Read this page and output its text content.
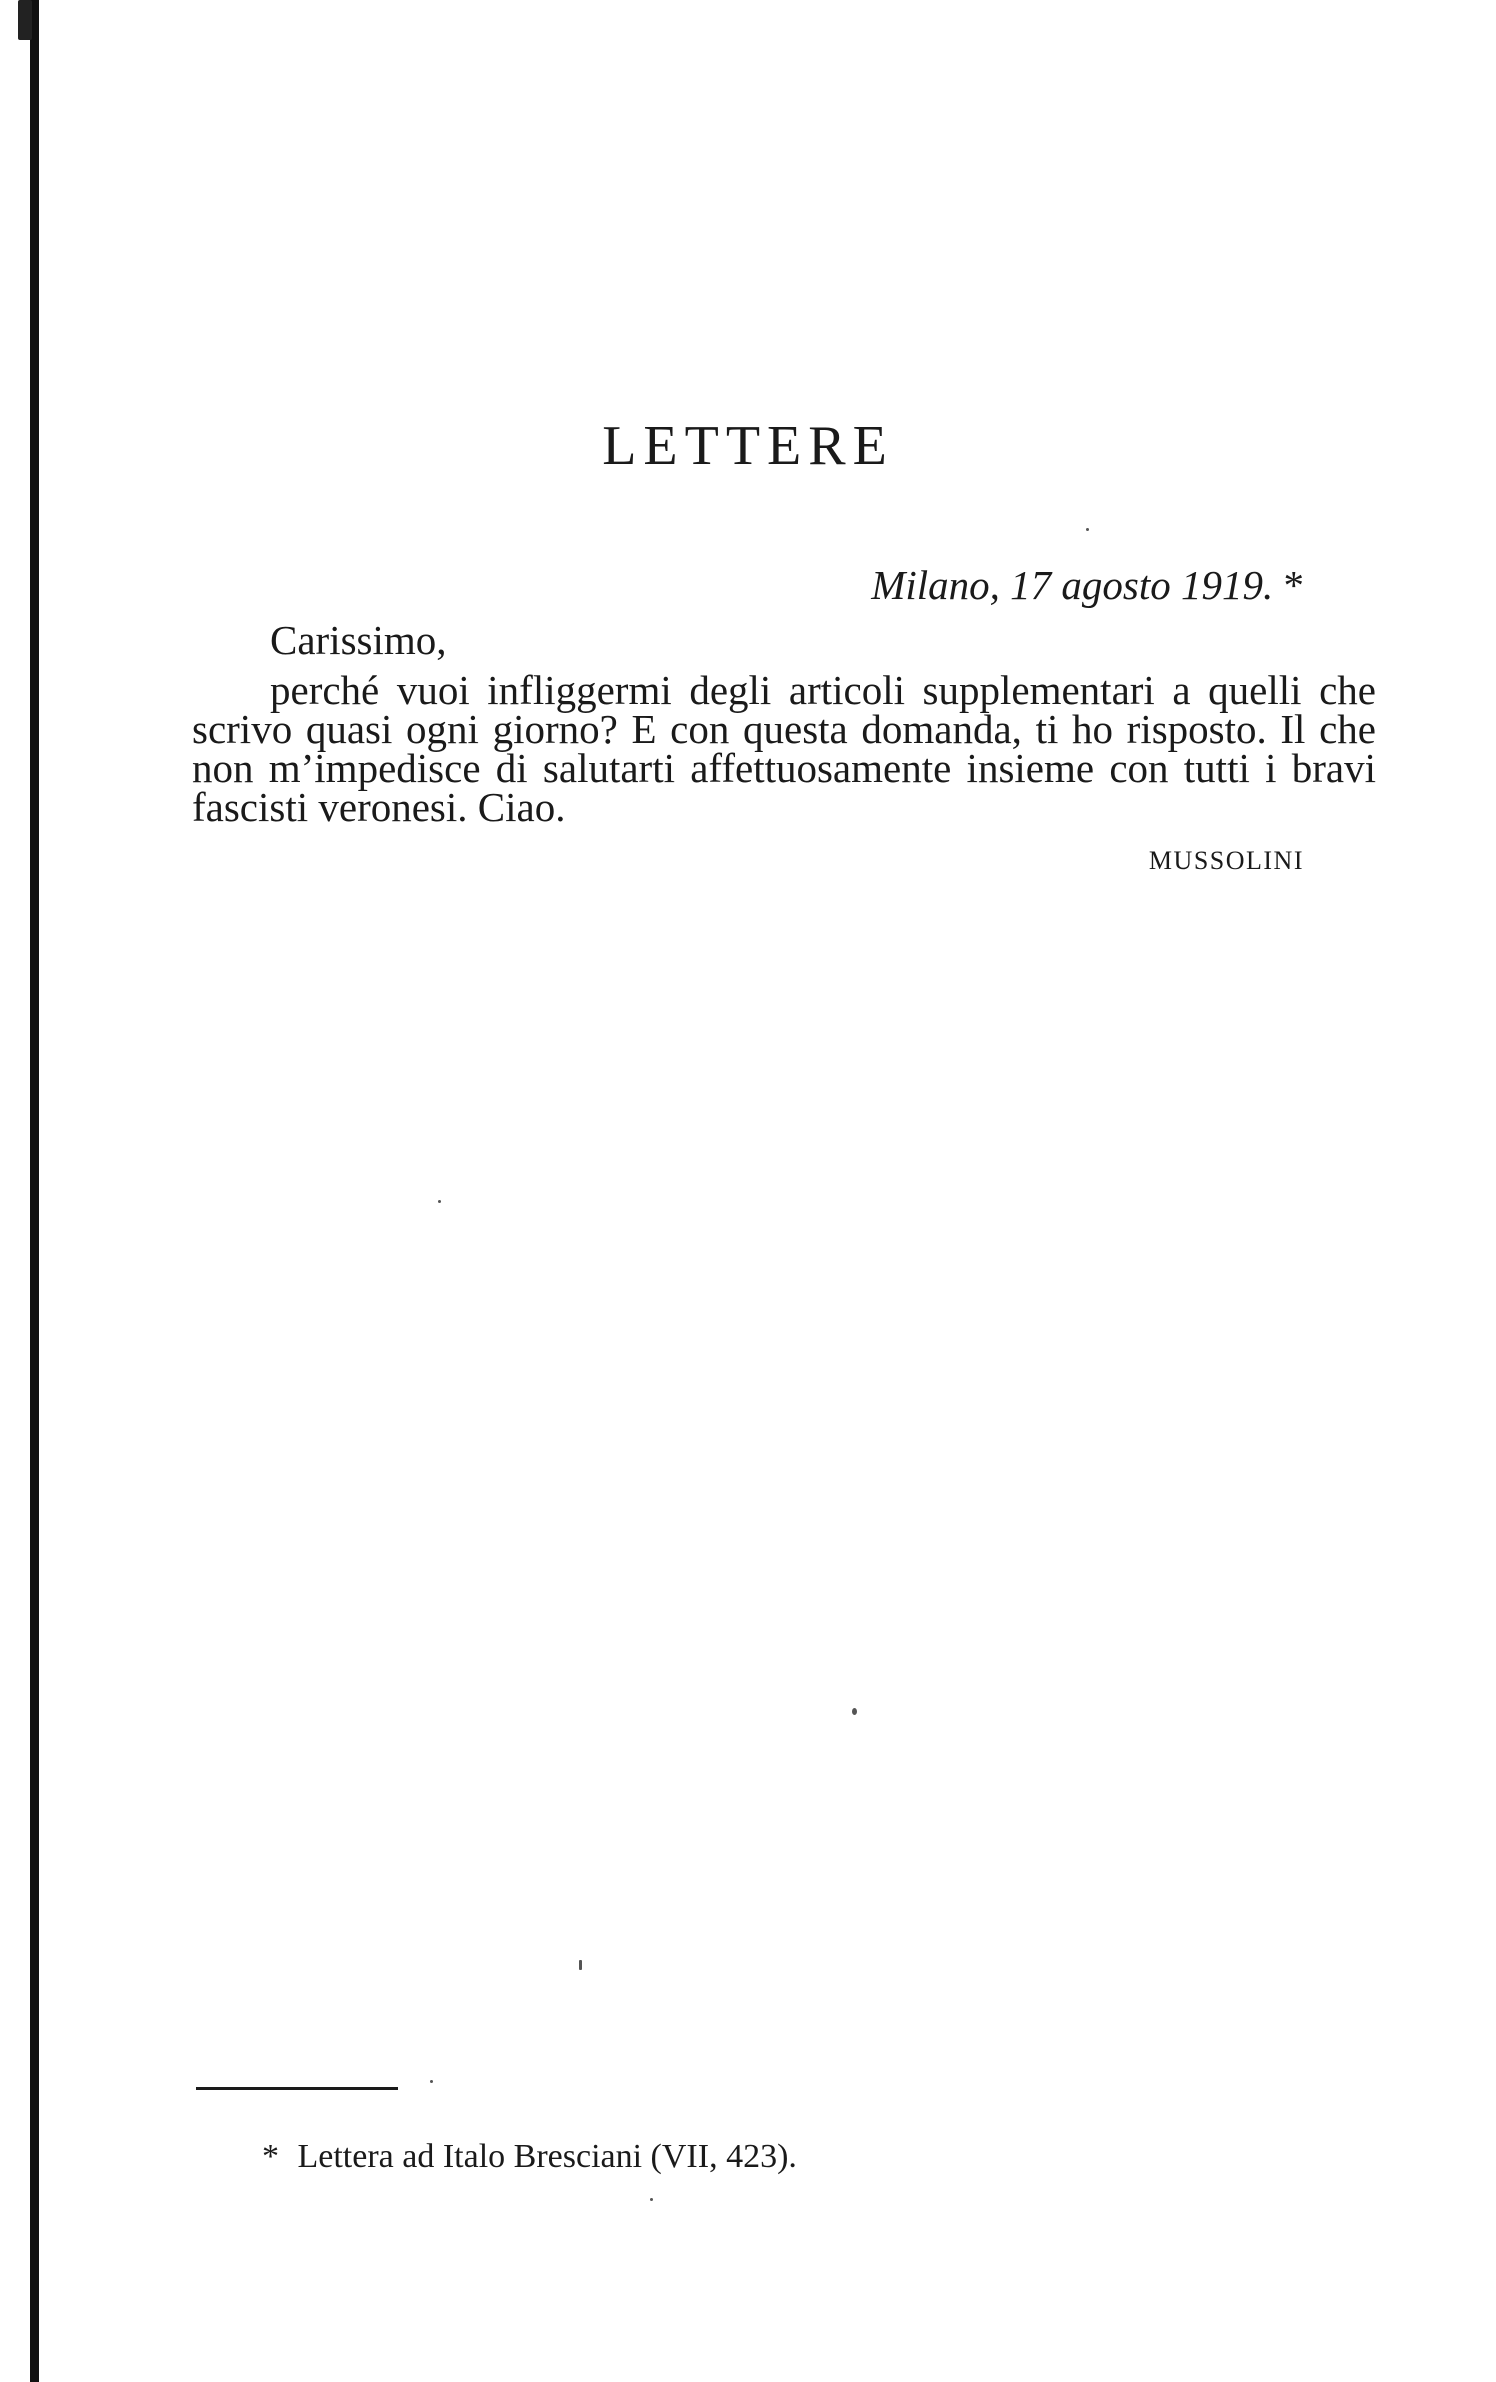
LETTERE
Milano, 17 agosto 1919. *
Carissimo,

perché vuoi infliggermi degli articoli supplementari a quelli che scrivo quasi ogni giorno? E con questa domanda, ti ho risposto. Il che non m’impedisce di salutarti affettuosamente insieme con tutti i bravi fascisti veronesi. Ciao.

MUSSOLINI
* Lettera ad Italo Bresciani (VII, 423).
